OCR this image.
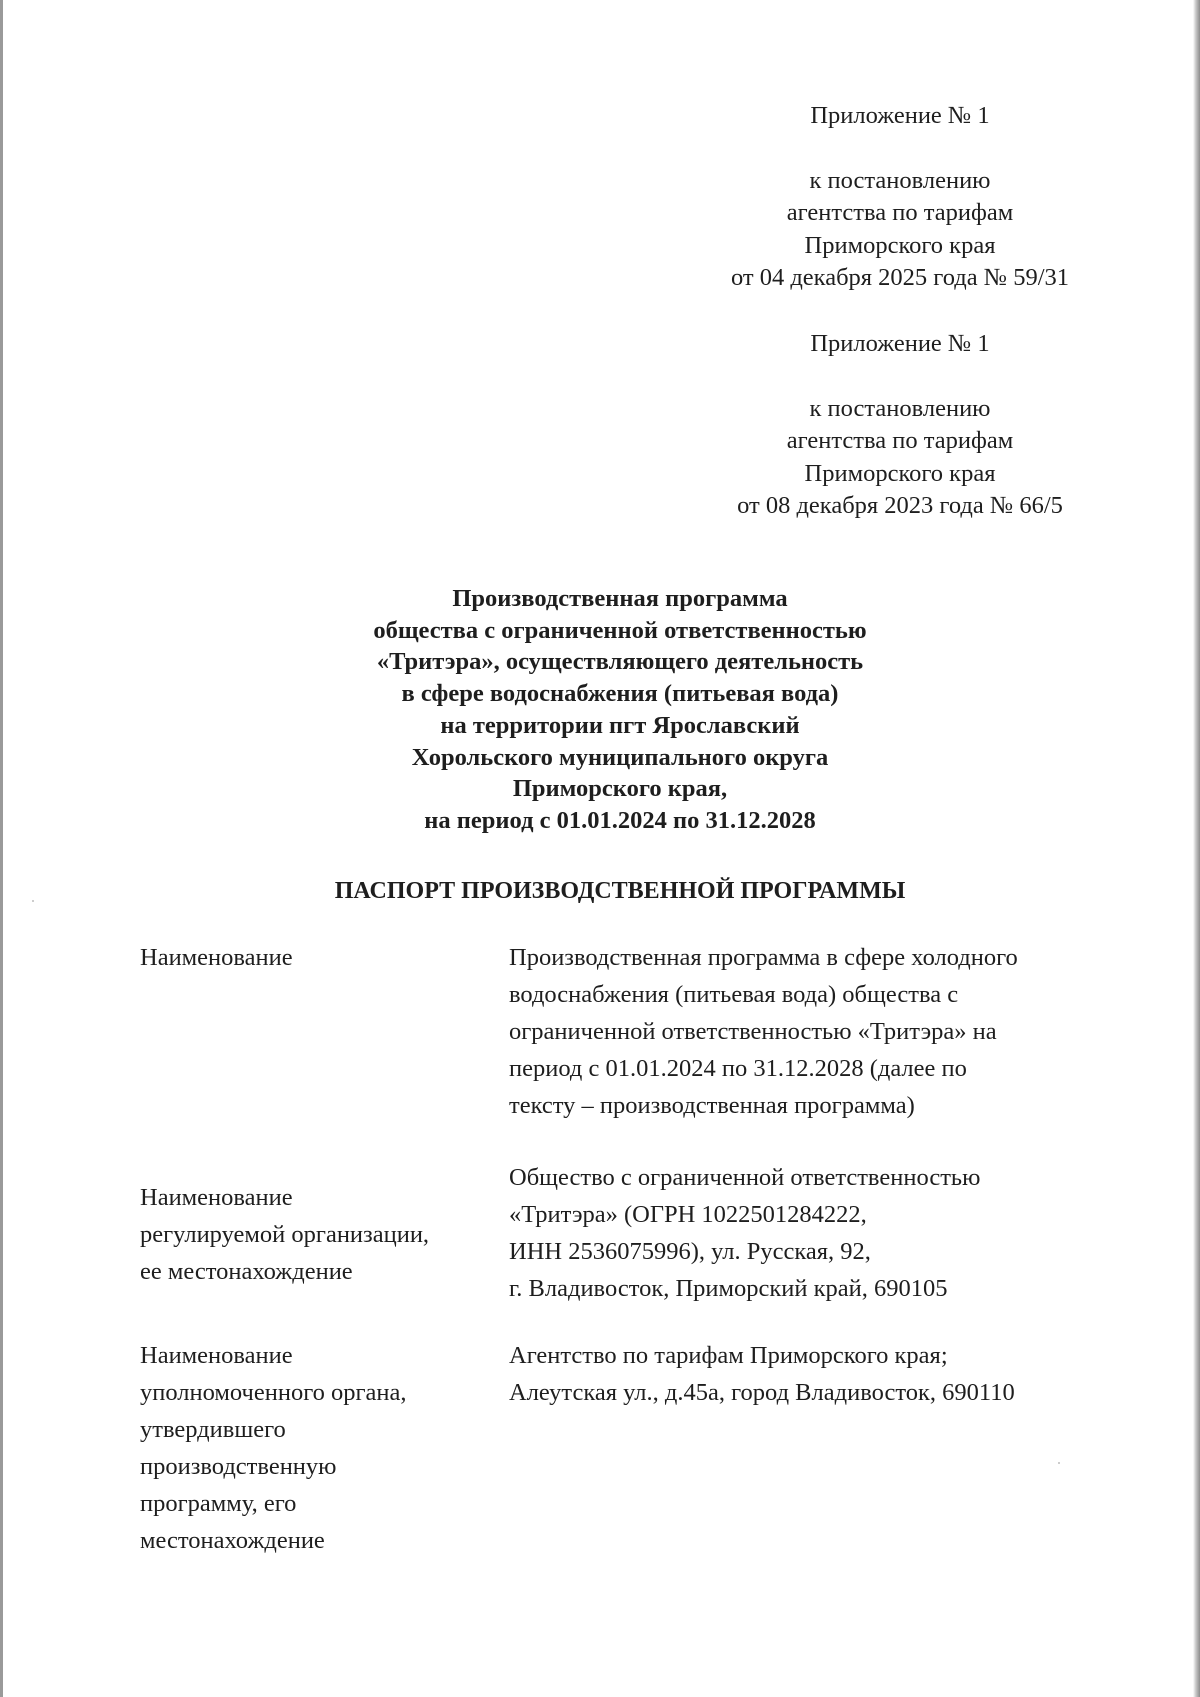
Приложение № 1
к постановлению
агентства по тарифам
Приморского края
от 04 декабря 2025 года № 59/31
Приложение № 1
к постановлению
агентства по тарифам
Приморского края
от 08 декабря 2023 года № 66/5
Производственная программа
общества с ограниченной ответственностью
«Тритэра», осуществляющего деятельность
в сфере водоснабжения (питьевая вода)
на территории пгт Ярославский
Хорольского муниципального округа
Приморского края,
на период с 01.01.2024 по 31.12.2028
ПАСПОРТ ПРОИЗВОДСТВЕННОЙ ПРОГРАММЫ
Наименование	Производственная программа в сфере холодного
водоснабжения (питьевая вода) общества с
ограниченной ответственностью «Тритэра» на
период с 01.01.2024 по 31.12.2028 (далее по
тексту – производственная программа)
Наименование
регулируемой организации,
ее местонахождение
Общество с ограниченной ответственностью
«Тритэра» (ОГРН 1022501284222,
ИНН 2536075996), ул. Русская, 92,
г. Владивосток, Приморский край, 690105
Наименование
уполномоченного органа,
утвердившего
производственную
программу, его
местонахождение
Агентство по тарифам Приморского края;
Алеутская ул., д.45а, город Владивосток, 690110
